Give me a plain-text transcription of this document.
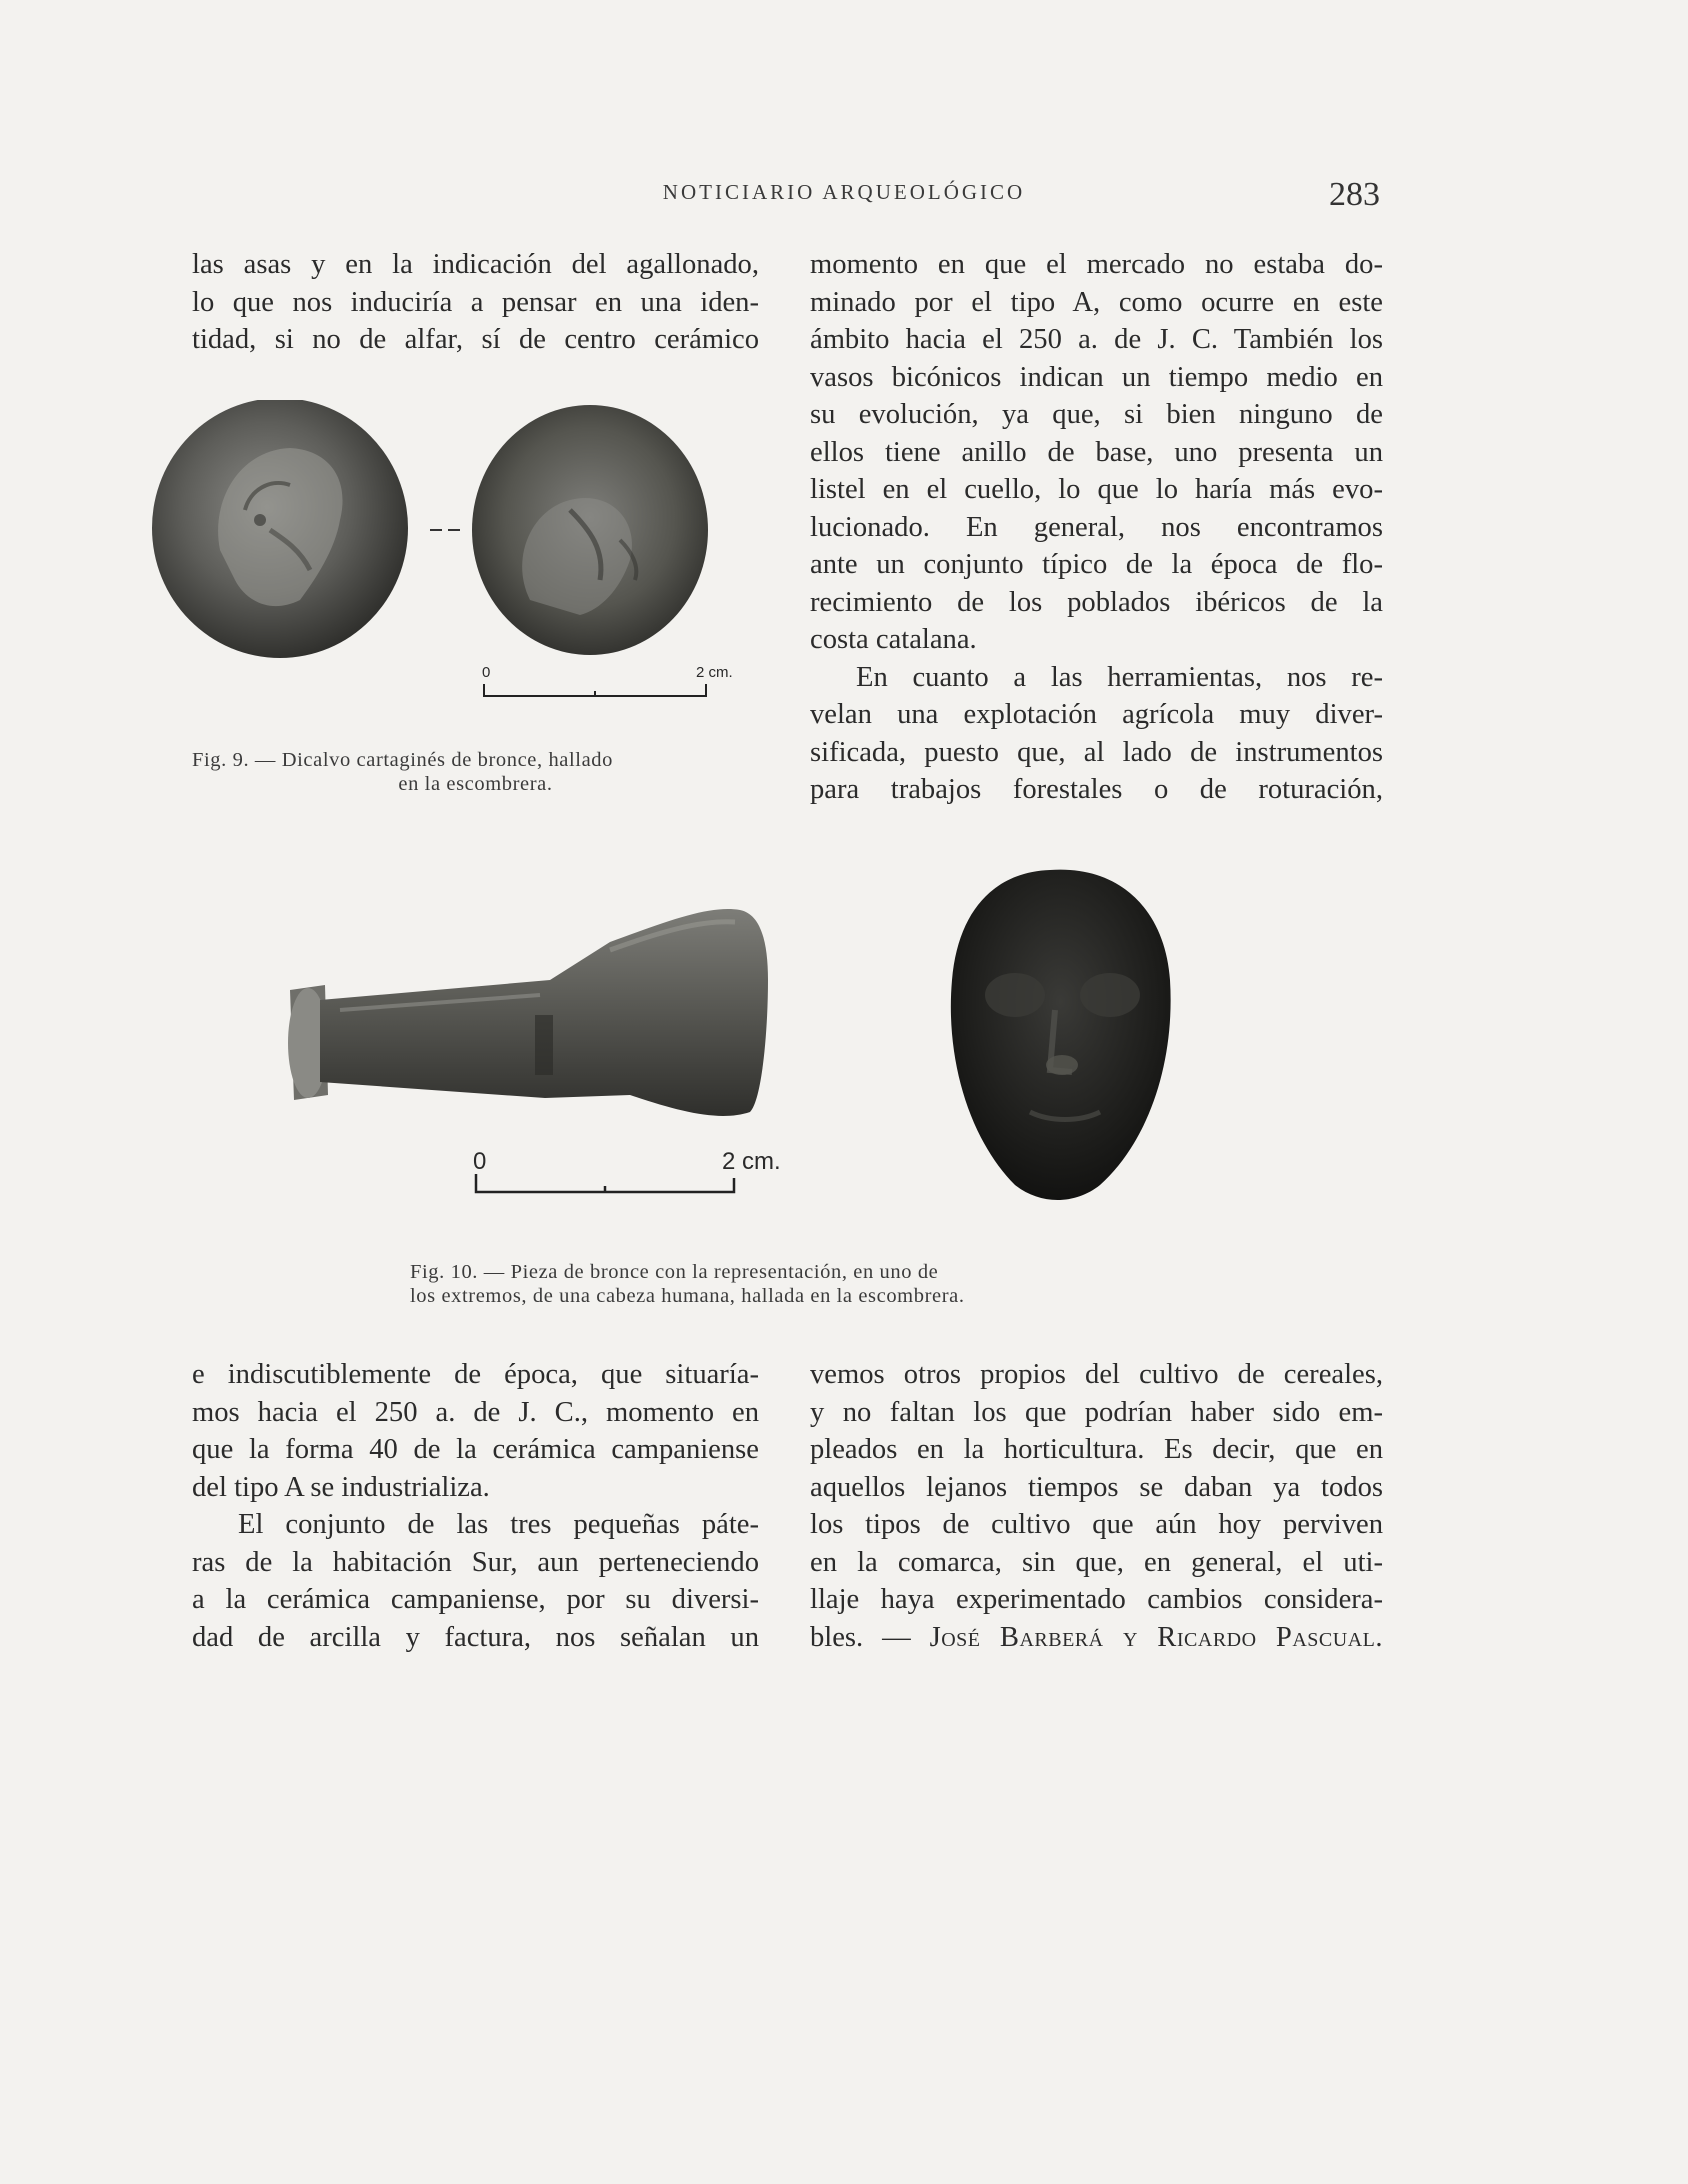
NOTICIARIO ARQUEOLÓGICO	283

las asas y en la indicación del agallonado,

lo que nos induciría a pensar en una iden-

tidad, si no de alfar, sí de centro cerámico

0	2 cm.
Fig. 9. — Dicalvo cartaginés de bronce, hallado
en la escombrera.

momento en que el mercado no estaba do-

minado por el tipo A, como ocurre en este

ámbito hacia el 250 a. de J. C. También los

vasos bicónicos indican un tiempo medio en

su evolución, ya que, si bien ninguno de

ellos tiene anillo de base, uno presenta un

listel en el cuello, lo que lo haría más evo-

lucionado. En general, nos encontramos

ante un conjunto típico de la época de flo-

recimiento de los poblados ibéricos de la

costa catalana.

En cuanto a las herramientas, nos re-

velan una explotación agrícola muy diver-

sificada, puesto que, al lado de instrumentos

para trabajos forestales o de roturación,

0	2 cm.
Fig. 10. — Pieza de bronce con la representación, en uno de
los extremos, de una cabeza humana, hallada en la escombrera.

e indiscutiblemente de época, que situaría-

mos hacia el 250 a. de J. C., momento en

que la forma 40 de la cerámica campaniense

del tipo A se industrializa.

El conjunto de las tres pequeñas páte-

ras de la habitación Sur, aun perteneciendo

a la cerámica campaniense, por su diversi-

dad de arcilla y factura, nos señalan un

vemos otros propios del cultivo de cereales,

y no faltan los que podrían haber sido em-

pleados en la horticultura. Es decir, que en

aquellos lejanos tiempos se daban ya todos

los tipos de cultivo que aún hoy perviven

en la comarca, sin que, en general, el uti-

llaje haya experimentado cambios considera-

bles. — José Barberá y Ricardo Pascual.
